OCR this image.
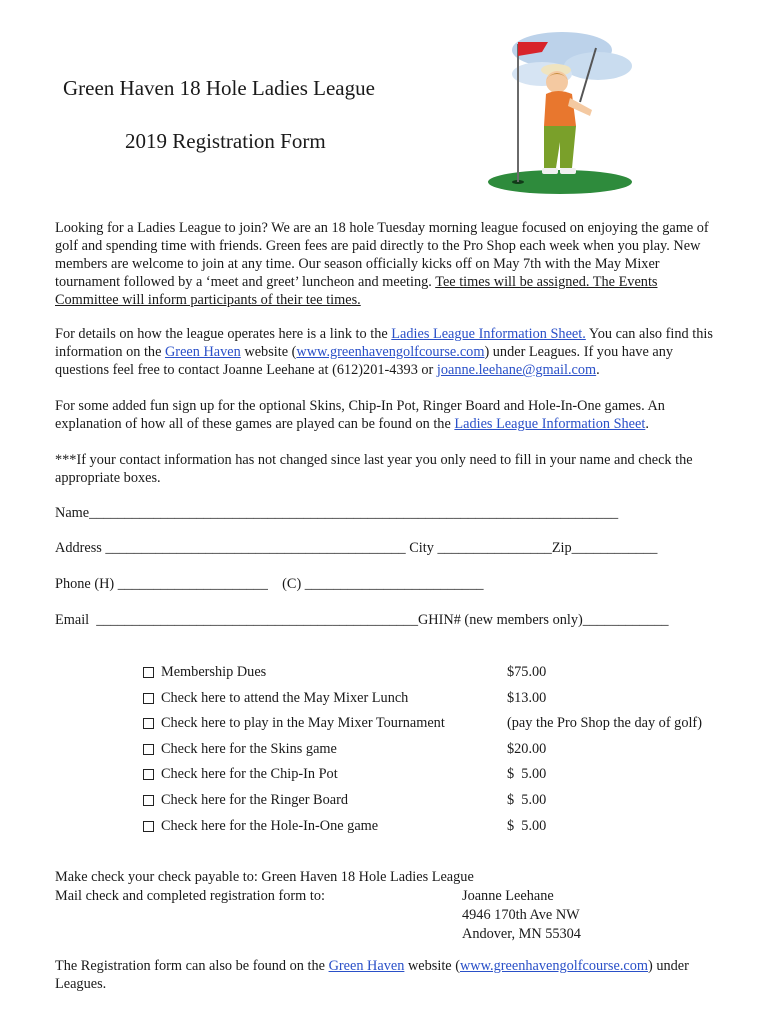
Green Haven 18 Hole Ladies League
2019 Registration Form
Looking for a Ladies League to join? We are an 18 hole Tuesday morning league focused on enjoying the game of golf and spending time with friends. Green fees are paid directly to the Pro Shop each week when you play. New members are welcome to join at any time. Our season officially kicks off on May 7th with the May Mixer tournament followed by a ‘meet and greet’ luncheon and meeting. Tee times will be assigned. The Events Committee will inform participants of their tee times.
For details on how the league operates here is a link to the Ladies League Information Sheet. You can also find this information on the Green Haven website (www.greenhavengolfcourse.com) under Leagues. If you have any questions feel free to contact Joanne Leehane at (612)201-4393 or joanne.leehane@gmail.com.
For some added fun sign up for the optional Skins, Chip-In Pot, Ringer Board and Hole-In-One games. An explanation of how all of these games are played can be found on the Ladies League Information Sheet.
***If your contact information has not changed since last year you only need to fill in your name and check the appropriate boxes.
Name__________________________________________________________________________
Address __________________________________________ City ________________Zip____________
Phone (H) _____________________    (C) _________________________
Email  _____________________________________________GHIN# (new members only)____________
Membership Dues	$75.00
Check here to attend the May Mixer Lunch	$13.00
Check here to play in the May Mixer Tournament	(pay the Pro Shop the day of golf)
Check here for the Skins game	$20.00
Check here for the Chip-In Pot	$  5.00
Check here for the Ringer Board	$  5.00
Check here for the Hole-In-One game	$  5.00
Make check your check payable to: Green Haven 18 Hole Ladies League
Mail check and completed registration form to:	Joanne Leehane
4946 170th Ave NW
Andover, MN 55304
The Registration form can also be found on the Green Haven website (www.greenhavengolfcourse.com) under Leagues.
